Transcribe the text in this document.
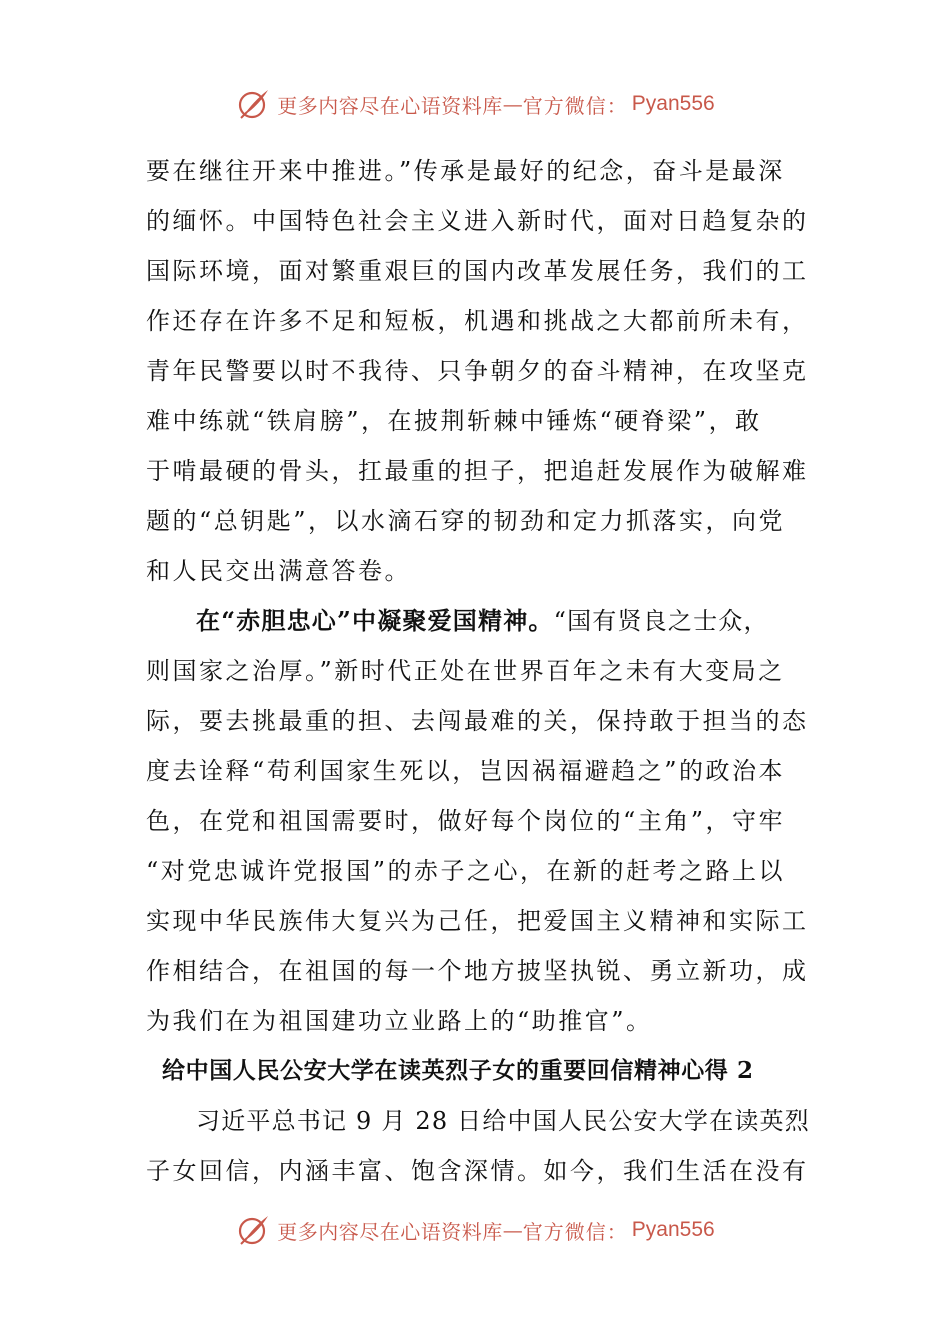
更多内容尽在心语资料库 — 官方微信： Pyan556
要在继往开来中推进。”传承是最好的纪念，奋斗是最深
的缅怀。中国特色社会主义进入新时代，面对日趋复杂的
国际环境，面对繁重艰巨的国内改革发展任务，我们的工
作还存在许多不足和短板，机遇和挑战之大都前所未有，
青年民警要以时不我待、只争朝夕的奋斗精神，在攻坚克
难中练就“铁肩膀”，在披荆斩棘中锤炼“硬脊梁”，敢
于啃最硬的骨头，扛最重的担子，把追赶发展作为破解难
题的“总钥匙”，以水滴石穿的韧劲和定力抓落实，向党
和人民交出满意答卷。
在“赤胆忠心”中凝聚爱国精神。“国有贤良之士众，
则国家之治厚。”新时代正处在世界百年之未有大变局之
际，要去挑最重的担、去闯最难的关，保持敢于担当的态
度去诠释“苟利国家生死以，岂因祸福避趋之”的政治本
色，在党和祖国需要时，做好每个岗位的“主角”，守牢
“对党忠诚许党报国”的赤子之心，在新的赶考之路上以
实现中华民族伟大复兴为己任，把爱国主义精神和实际工
作相结合，在祖国的每一个地方披坚执锐、勇立新功，成
为我们在为祖国建功立业路上的“助推官”。
给中国人民公安大学在读英烈子女的重要回信精神心得 2
习近平总书记 9 月 28 日给中国人民公安大学在读英烈
子女回信，内涵丰富、饱含深情。如今，我们生活在没有
更多内容尽在心语资料库 — 官方微信： Pyan556
